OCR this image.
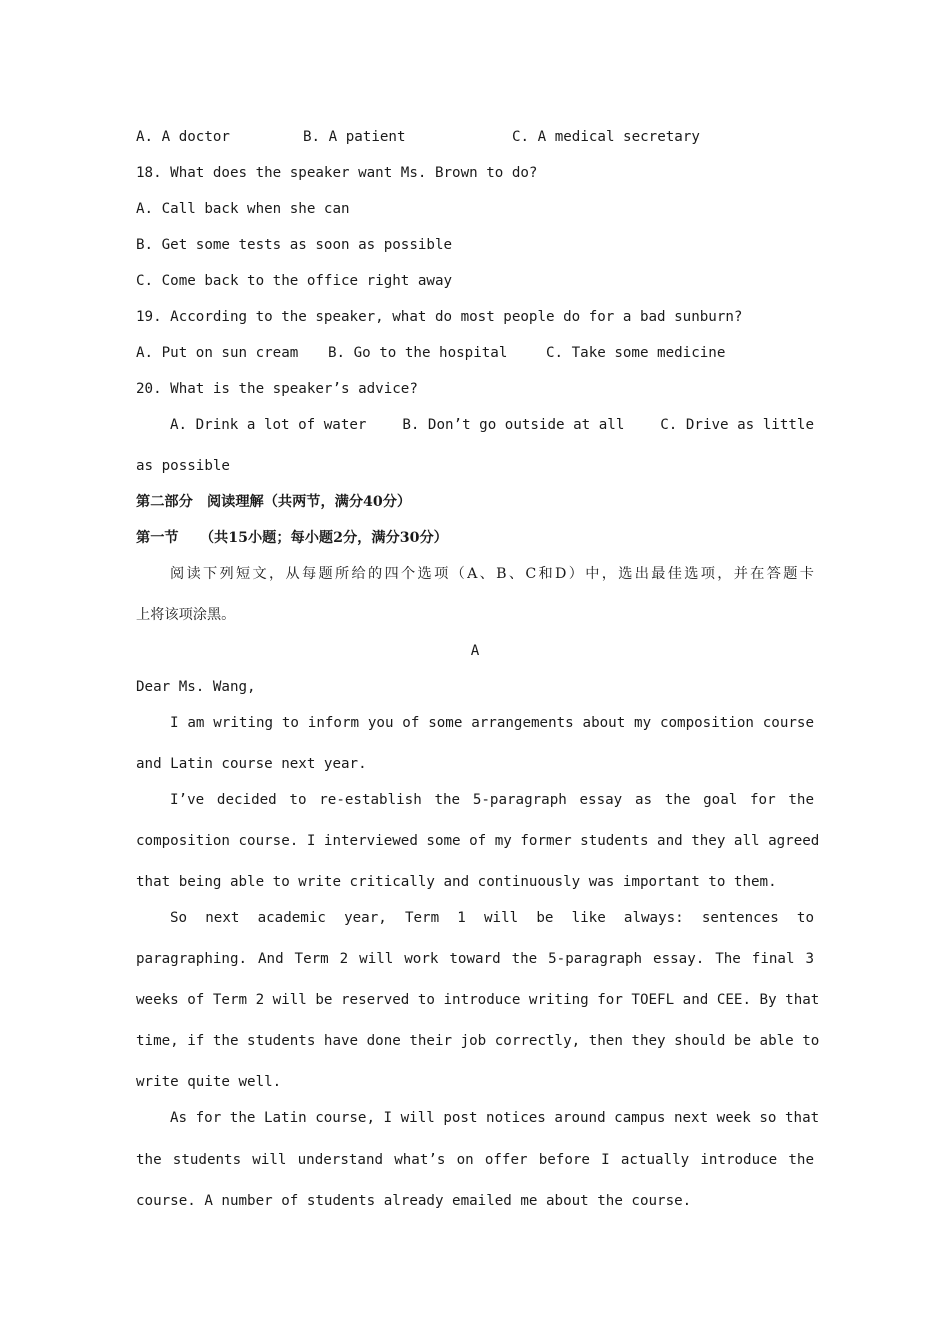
A. A doctor	B. A patient	C. A medical secretary
18. What does the speaker want Ms. Brown to do?
A. Call back when she can
B. Get some tests as soon as possible
C. Come back to the office right away
19. According to the speaker, what do most people do for a bad sunburn?
A. Put on sun cream	B. Go to the hospital	C. Take some medicine
20. What is the speaker’s advice?
A. Drink a lot of water	B. Don’t go outside at all	C. Drive as little
as possible
第二部分　阅读理解（共两节，满分40分）
第一节　　（共15小题；每小题2分，满分30分）
阅读下列短文，从每题所给的四个选项（A、B、C和D）中，选出最佳选项，并在答题卡
上将该项涂黑。
A
Dear Ms. Wang,
I am writing to inform you of some arrangements about my composition course
and Latin course next year.
I’ve decided to re-establish the 5-paragraph essay as the goal for the
composition course. I interviewed some of my former students and they all agreed
that being able to write critically and continuously was important to them.
So next academic year, Term 1 will be like always: sentences to
paragraphing. And Term 2 will work toward the 5-paragraph essay. The final 3
weeks of Term 2 will be reserved to introduce writing for TOEFL and CEE. By that
time, if the students have done their job correctly, then they should be able to
write quite well.
As for the Latin course, I will post notices around campus next week so that
the students will understand what’s on offer before I actually introduce the
course. A number of students already emailed me about the course.
